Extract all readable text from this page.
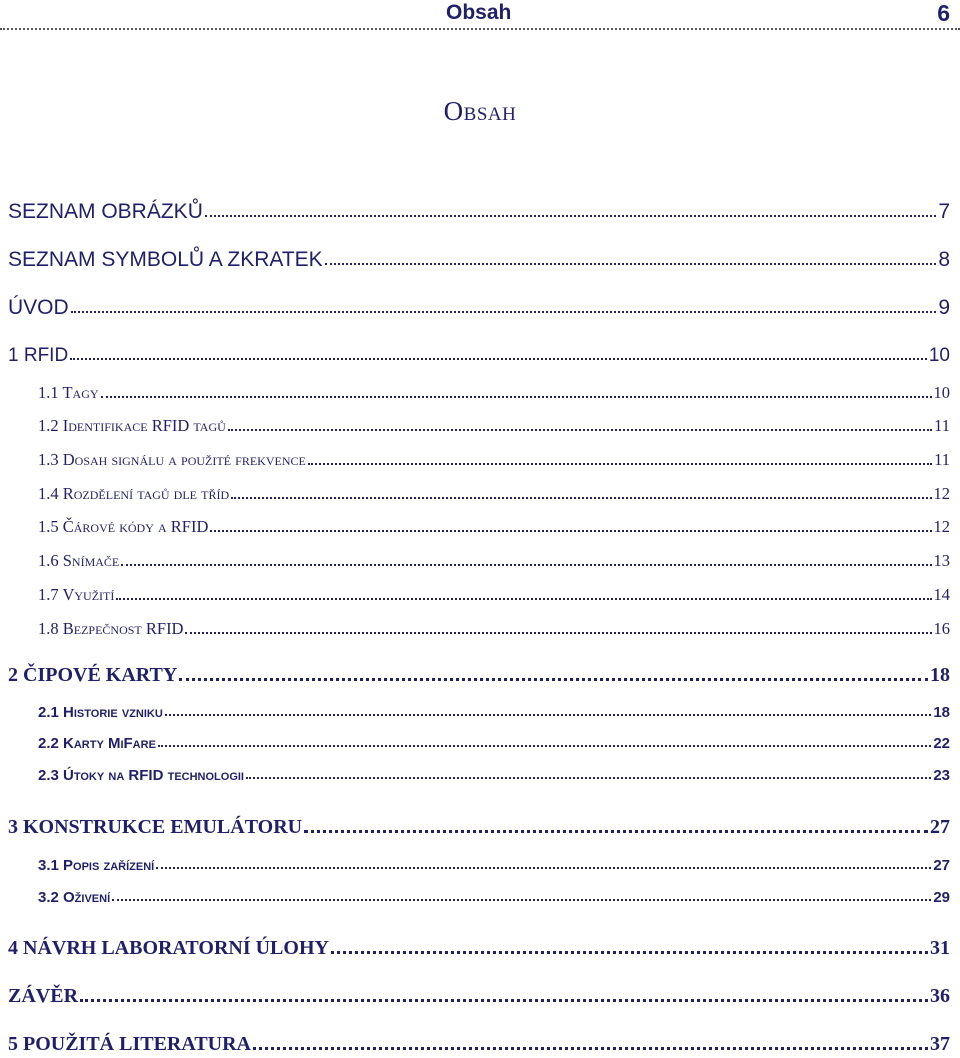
Obsah	6
Obsah
SEZNAM OBRÁZKŮ	7
SEZNAM SYMBOLŮ A ZKRATEK	8
ÚVOD	9
1 RFID	10
1.1 Tagy	10
1.2 Identifikace RFID tagů	11
1.3 Dosah signálu a použité frekvence	11
1.4 Rozdělení tagů dle tříd	12
1.5 Čárové kódy a RFID	12
1.6 Snímače	13
1.7 Využití	14
1.8 Bezpečnost RFID	16
2 ČIPOVÉ KARTY	18
2.1 Historie vzniku	18
2.2 Karty MiFare	22
2.3 Útoky na RFID technologii	23
3 KONSTRUKCE EMULÁTORU	27
3.1 Popis zařízení	27
3.2 Oživení	29
4 NÁVRH LABORATORNÍ ÚLOHY	31
ZÁVĚR	36
5 POUŽITÁ LITERATURA	37
